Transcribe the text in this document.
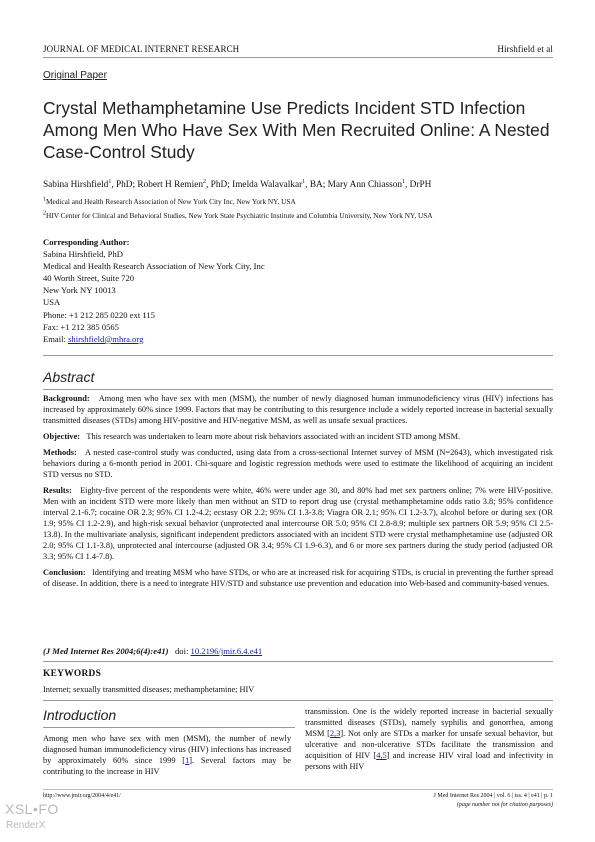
JOURNAL OF MEDICAL INTERNET RESEARCH	Hirshfield et al
Original Paper
Crystal Methamphetamine Use Predicts Incident STD Infection Among Men Who Have Sex With Men Recruited Online: A Nested Case-Control Study
Sabina Hirshfield$^1$, PhD; Robert H Remien$^2$, PhD; Imelda Walavalkar$^1$, BA; Mary Ann Chiasson$^1$, DrPH
$^1$Medical and Health Research Association of New York City Inc, New York NY, USA
$^2$HIV Center for Clinical and Behavioral Studies, New York State Psychiatric Institute and Columbia University, New York NY, USA
Corresponding Author:
Sabina Hirshfield, PhD
Medical and Health Research Association of New York City, Inc
40 Worth Street, Suite 720
New York NY 10013
USA
Phone: +1 212 285 0220 ext 115
Fax: +1 212 385 0565
Email: shirshfield@mhra.org
Abstract

Background: Among men who have sex with men (MSM), the number of newly diagnosed human immunodeficiency virus (HIV) infections has increased by approximately 60% since 1999. Factors that may be contributing to this resurgence include a widely reported increase in bacterial sexually transmitted diseases (STDs) among HIV-positive and HIV-negative MSM, as well as unsafe sexual practices.

Objective: This research was undertaken to learn more about risk behaviors associated with an incident STD among MSM.

Methods: A nested case-control study was conducted, using data from a cross-sectional Internet survey of MSM (N=2643), which investigated risk behaviors during a 6-month period in 2001. Chi-square and logistic regression methods were used to estimate the likelihood of acquiring an incident STD versus no STD.

Results: Eighty-five percent of the respondents were white, 46% were under age 30, and 80% had met sex partners online; 7% were HIV-positive. Men with an incident STD were more likely than men without an STD to report drug use (crystal methamphetamine odds ratio 3.8; 95% confidence interval 2.1-6.7; cocaine OR 2.3; 95% CI 1.2-4.2; ecstasy OR 2.2; 95% CI 1.3-3.8; Viagra OR 2.1; 95% CI 1.2-3.7), alcohol before or during sex (OR 1.9; 95% CI 1.2-2.9), and high-risk sexual behavior (unprotected anal intercourse OR 5.0; 95% CI 2.8-8.9; multiple sex partners OR 5.9; 95% CI 2.5-13.8). In the multivariate analysis, significant independent predictors associated with an incident STD were crystal methamphetamine use (adjusted OR 2.0; 95% CI 1.1-3.8), unprotected anal intercourse (adjusted OR 3.4; 95% CI 1.9-6.3), and 6 or more sex partners during the study period (adjusted OR 3.3; 95% CI 1.4-7.8).

Conclusion: Identifying and treating MSM who have STDs, or who are at increased risk for acquiring STDs, is crucial in preventing the further spread of disease. In addition, there is a need to integrate HIV/STD and substance use prevention and education into Web-based and community-based venues.

(J Med Internet Res 2004;6(4):e41) doi: 10.2196/jmir.6.4.e41
KEYWORDS
Internet; sexually transmitted diseases; methamphetamine; HIV
Introduction
Among men who have sex with men (MSM), the number of newly diagnosed human immunodeficiency virus (HIV) infections has increased by approximately 60% since 1999 [1]. Several factors may be contributing to the increase in HIV
transmission. One is the widely reported increase in bacterial sexually transmitted diseases (STDs), namely syphilis and gonorrhea, among MSM [2,3]. Not only are STDs a marker for unsafe sexual behavior, but ulcerative and non-ulcerative STDs facilitate the transmission and acquisition of HIV [4,5] and increase HIV viral load and infectivity in persons with HIV
http://www.jmir.org/2004/4/e41/	J Med Internet Res 2004 | vol. 6 | iss. 4 | e41 | p. 1
(page number not for citation purposes)
XSL•FO
RenderX
